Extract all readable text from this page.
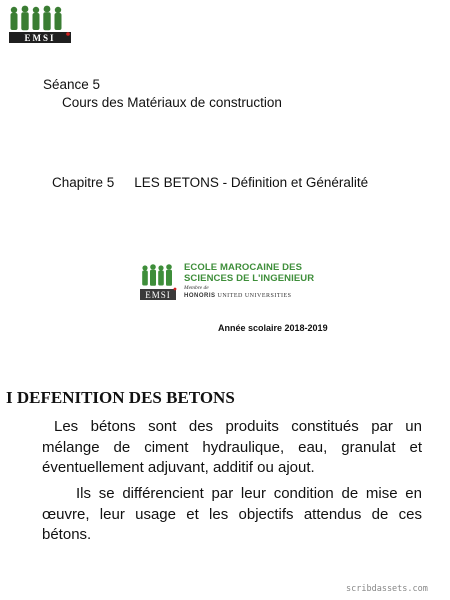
EMSI
Séance 5
Cours des Matériaux de construction
Chapitre 5 LES BETONS - Définition et Généralité
EMSI
ECOLE MAROCAINE DES
SCIENCES DE L'INGENIEUR
Membre de
HONORIS UNITED UNIVERSITIES
Année scolaire 2018-2019
I DEFENITION DES BETONS
Les bétons sont des produits constitués par un mélange de ciment hydraulique, eau, granulat et éventuellement adjuvant, additif ou ajout.
Ils se différencient par leur condition de mise en œuvre, leur usage et les objectifs attendus de ces bétons.
scribdassets.com
